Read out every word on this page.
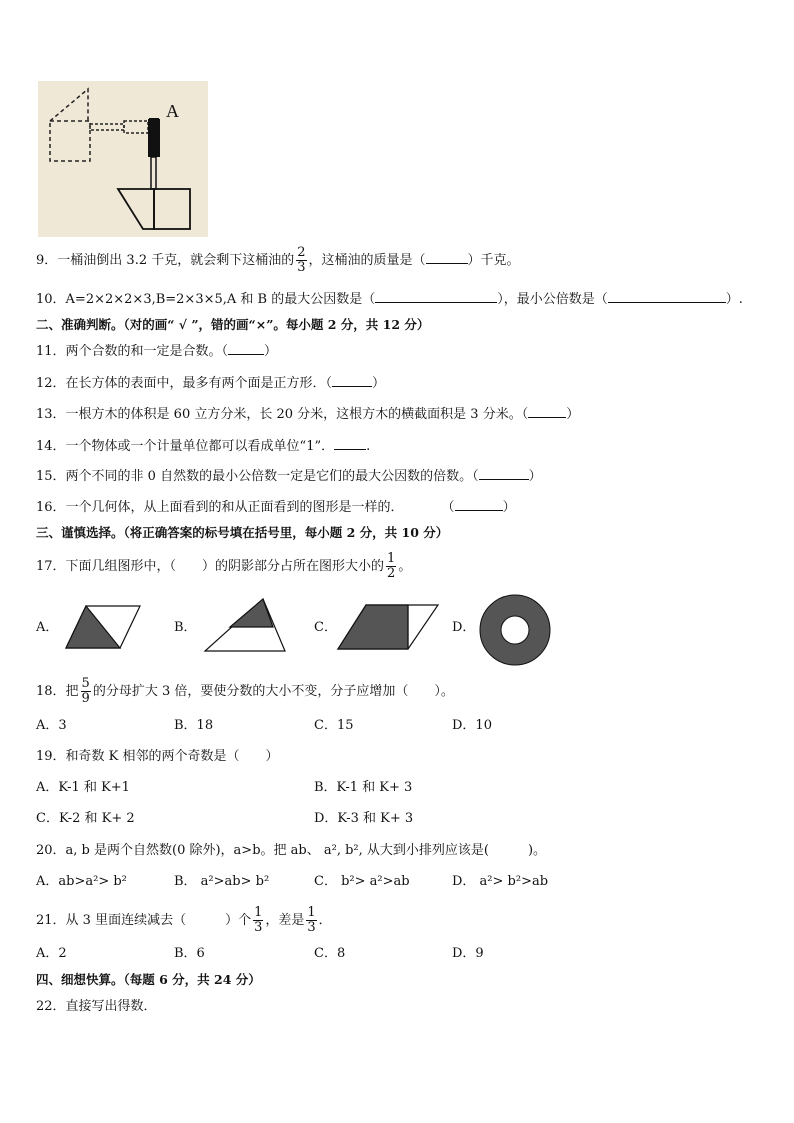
A
9．一桶油倒出 3.2 千克，就会剩下这桶油的 $\frac{2}{3}$ ，这桶油的质量是（	）千克。
10．A=2×2×2×3,B=2×3×5,A 和 B 的最大公因数是（	），最小公倍数是（	）.
二、准确判断。（对的画“ √ ”，错的画“×”。每小题 2 分，共 12 分）
11．两个合数的和一定是合数。（	）
12．在长方体的表面中，最多有两个面是正方形．（	）
13．一根方木的体积是 60 立方分米，长 20 分米，这根方木的横截面积是 3 分米。（	）
14．一个物体或一个计量单位都可以看成单位“1”． .
15．两个不同的非 0 自然数的最小公倍数一定是它们的最大公因数的倍数。（	）
16．一个几何体，从上面看到的和从正面看到的图形是一样的．	（	）
三、谨慎选择。（将正确答案的标号填在括号里，每小题 2 分，共 10 分）
17．下面几组图形中，（　　）的阴影部分占所在图形大小的 $\frac{1}{2}$ 。
A．	B．	C．	D．
18．把 $\frac{5}{9}$ 的分母扩大 3 倍，要使分数的大小不变，分子应增加（　　）。
A．3	B．18	C．15	D．10
19．和奇数 K 相邻的两个奇数是（　　）
A．K-1 和 K+1	B．K-1 和 K+ 3
C．K-2 和 K+ 2	D．K-3 和 K+ 3
20．a, b 是两个自然数(0 除外)，a>b。把 ab、 a², b², 从大到小排列应该是(　　　)。
A．ab>a²> b²	B． a²>ab> b²	C． b²> a²>ab	D． a²> b²>ab
21．从 3 里面连续减去（　　　）个 $\frac{1}{3}$ ，差是 $\frac{1}{3}$ ．
A．2	B．6	C．8	D．9
四、细想快算。（每题 6 分，共 24 分）
22．直接写出得数．
